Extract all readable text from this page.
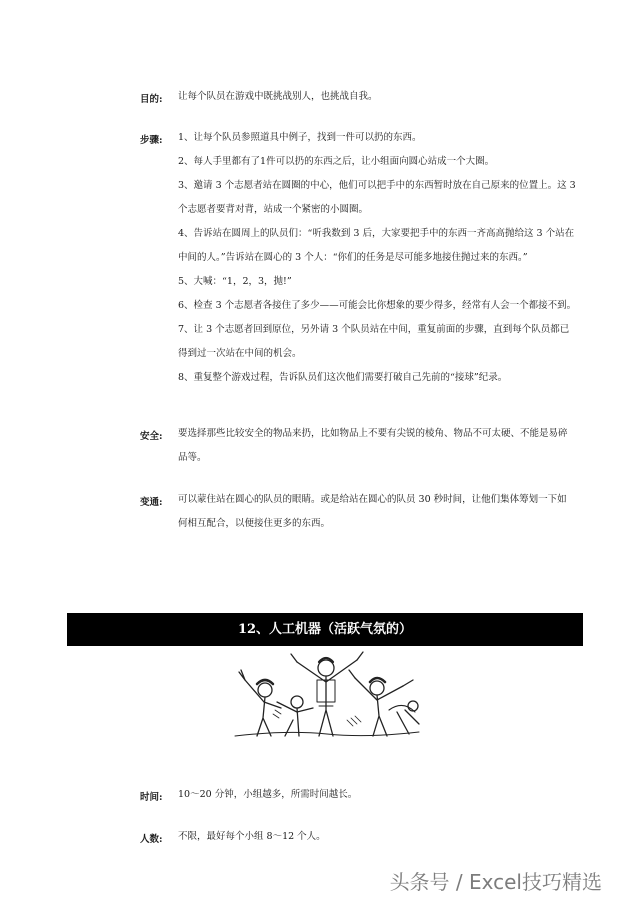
目的: 让每个队员在游戏中既挑战别人，也挑战自我。
步骤: 1、让每个队员参照道具中例子，找到一件可以扔的东西。
2、每人手里都有了1件可以扔的东西之后，让小组面向圆心站成一个大圈。
3、邀请 3 个志愿者站在圆圈的中心，他们可以把手中的东西暂时放在自己原来的位置上。这 3
个志愿者要背对背，站成一个紧密的小圆圈。
4、告诉站在圆周上的队员们：“听我数到 3 后，大家要把手中的东西一齐高高抛给这 3 个站在
中间的人。”告诉站在圆心的 3 个人：“你们的任务是尽可能多地接住抛过来的东西。”
5、大喊：“1，2，3，抛!”
6、检查 3 个志愿者各接住了多少——可能会比你想象的要少得多，经常有人会一个都接不到。
7、让 3 个志愿者回到原位，另外请 3 个队员站在中间，重复前面的步骤，直到每个队员都已
得到过一次站在中间的机会。
8、重复整个游戏过程，告诉队员们这次他们需要打破自己先前的“接球”纪录。
安全: 要选择那些比较安全的物品来扔，比如物品上不要有尖锐的棱角、物品不可太硬、不能是易碎
品等。
变通: 可以蒙住站在圆心的队员的眼睛。或是给站在圆心的队员 30 秒时间，让他们集体筹划一下如
何相互配合，以便接住更多的东西。
12、人工机器（活跃气氛的）
时间: 10～20 分钟，小组越多，所需时间越长。
人数: 不限，最好每个小组 8～12 个人。
头条号 / Excel技巧精选
